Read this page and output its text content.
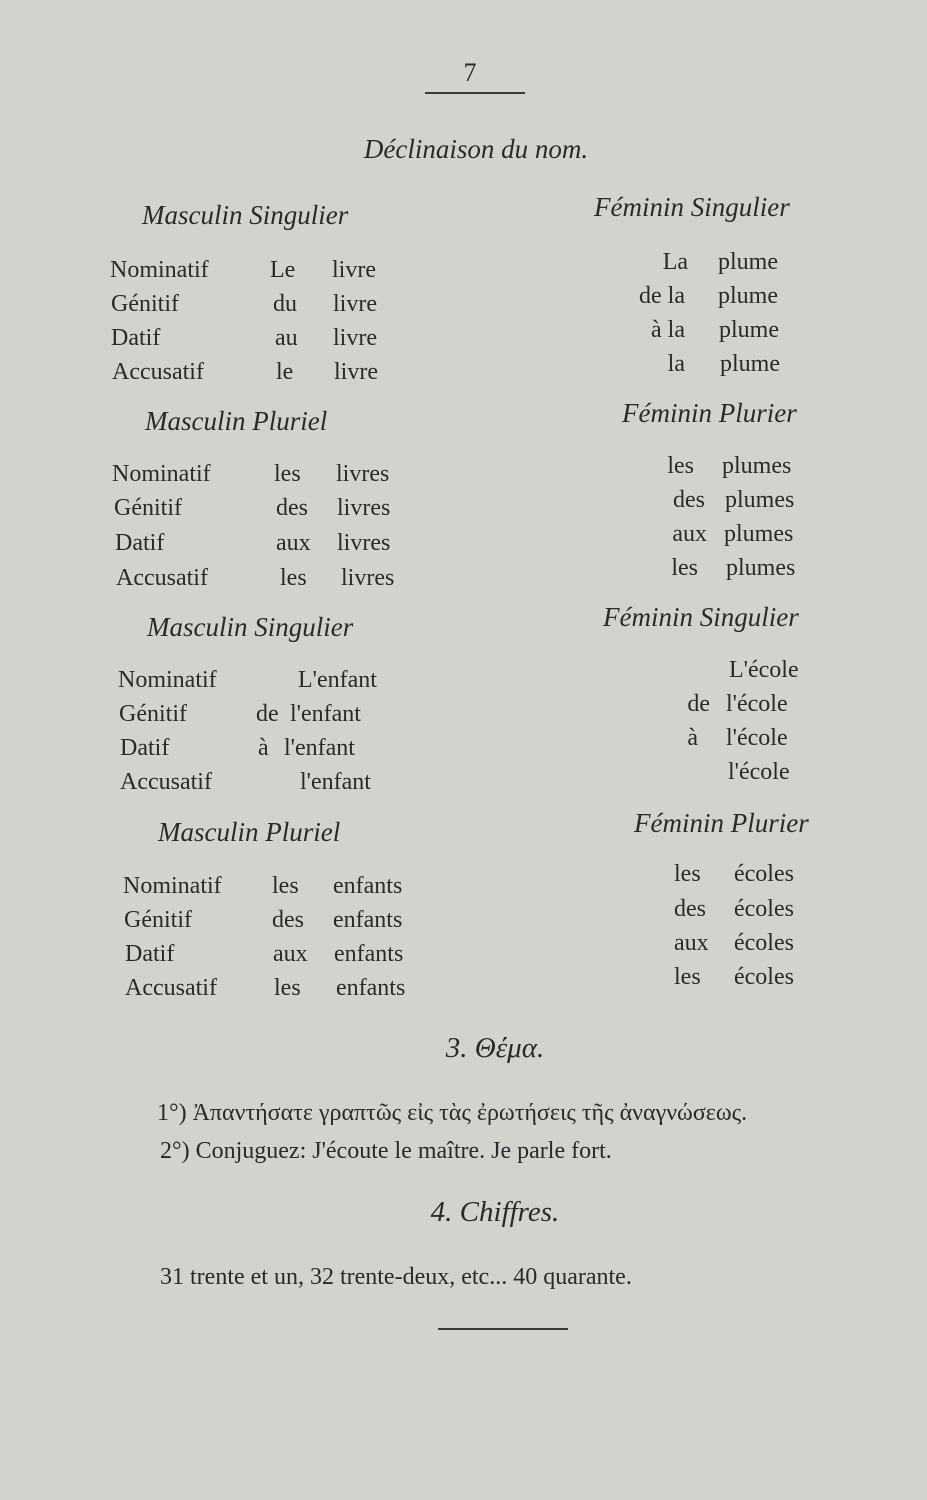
7
Déclinaison du nom.
Masculin Singulier
Nominatif	Le livre
Génitif	du livre
Datif	au livre
Accusatif	le livre
Masculin Pluriel
Nominatif	les livres
Génitif	des livres
Datif	aux livres
Accusatif	les livres
Masculin Singulier
Nominatif	L'enfant
Génitif	de l'enfant
Datif	à l'enfant
Accusatif	l'enfant
Masculin Pluriel
Nominatif les enfants
Génitif	des enfants
Datif	aux enfants
Accusatif les enfants
Féminin Singulier
La plume
de la plume
à la plume
la plume
Féminin Plurier
les plumes
des plumes
aux plumes
les plumes
Féminin Singulier
L'école
de l'école
à l'école
l'école
Féminin Plurier
les écoles
des écoles
aux écoles
les écoles
3. Θέμα.
1°) Ἀπαντήσατε γραπτῶς εἰς τὰς ἐρωτήσεις τῆς ἀναγνώσεως.
2°) Conjuguez: J'écoute le maître. Je parle fort.
4. Chiffres.
31 trente et un, 32 trente-deux, etc... 40 quarante.
